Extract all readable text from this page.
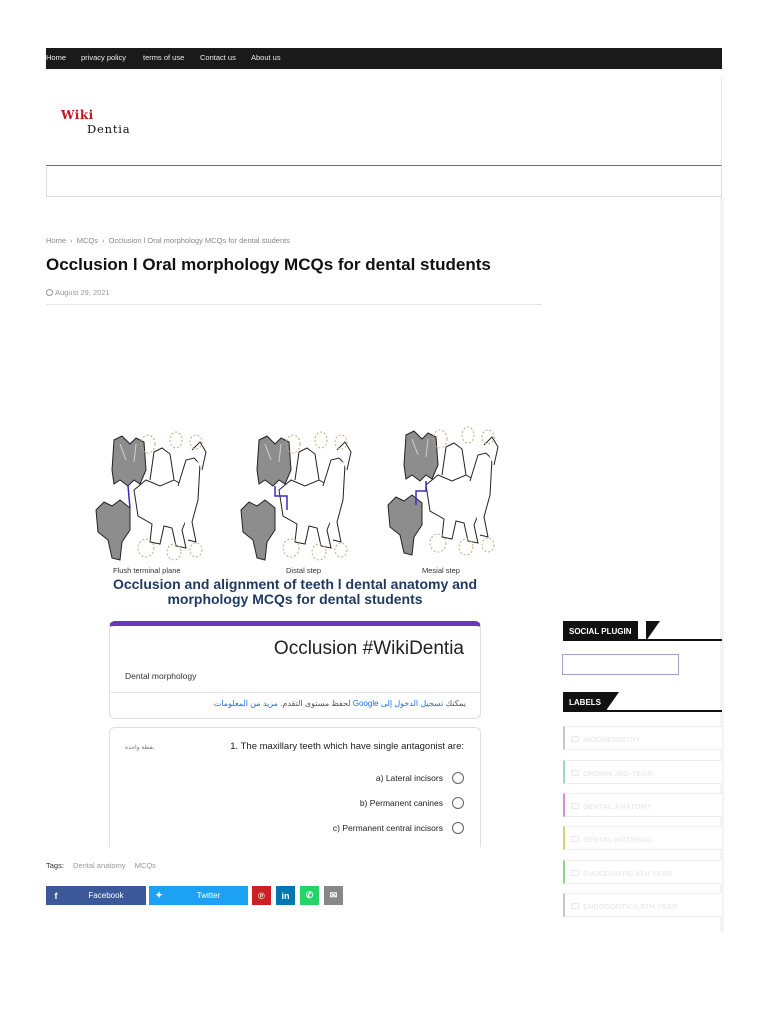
Home privacy policy terms of use Contact us About us
Wiki
Dentia
Home › MCQs › Occlusion l Oral morphology MCQs for dental students
Occlusion l Oral morphology MCQs for dental students
August 29, 2021
Flush terminal plane	Distal step	Mesial step
Occlusion and alignment of teeth l dental anatomy and
morphology MCQs for dental students
Occlusion #WikiDentia
Dental morphology
يمكنك تسجيل الدخول إلى Google لحفظ مستوى التقدم. مزيد من المعلومات
نقطة واحدة	1. The maxillary teeth which have single antagonist are:
a) Lateral incisors
b) Permanent canines
c) Permanent central incisors
Tags: Dental anatomy MCQs
f	Facebook	✦	Twitter	℗	in	✆	✉
SOCIAL PLUGIN
LABELS
BIOCHEMISTRY
CROWN 3RD-YEAR
DENTAL ANATOMY
DENTAL MATERIAL
ENDODONTIC 4TH YEAR
ENDODONTICS 5TH YEAR
